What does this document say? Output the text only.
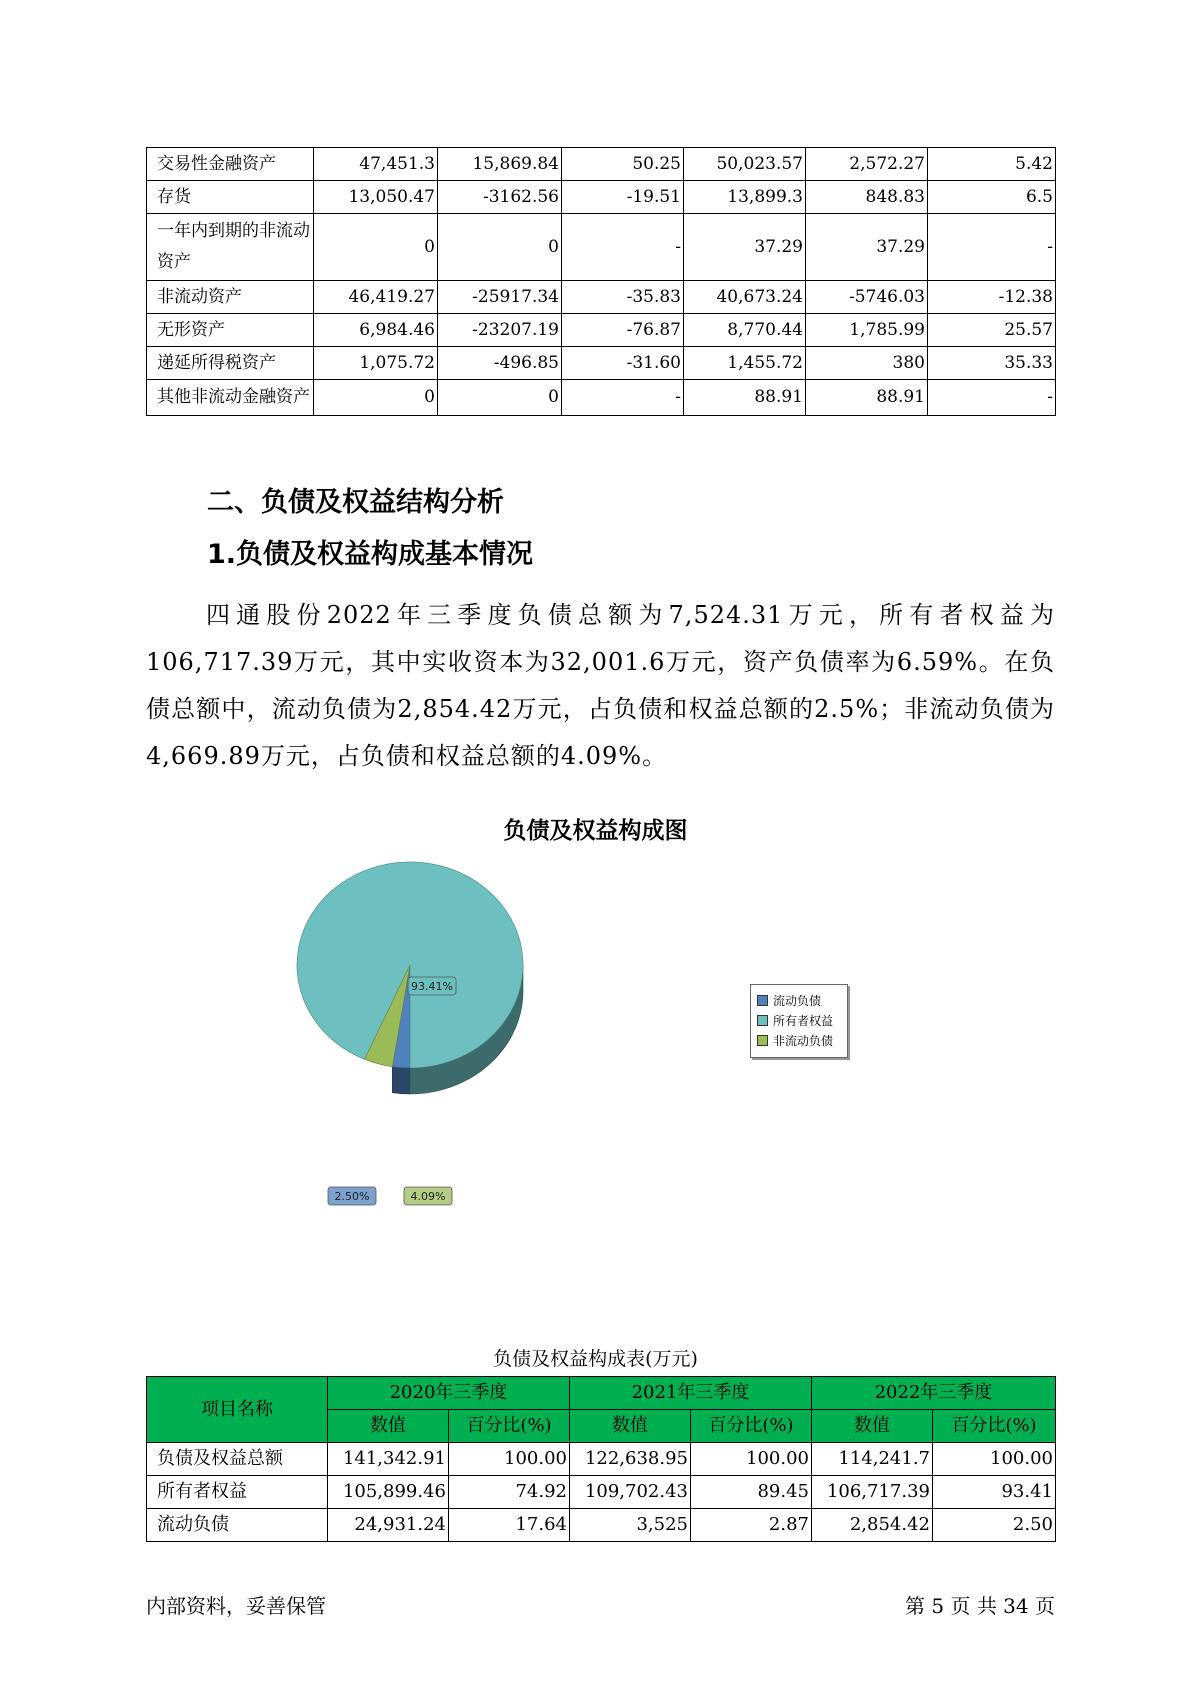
交易性金融资产	47,451.3	15,869.84	50.25	50,023.57	2,572.27	5.42
存货	13,050.47	-3162.56	-19.51	13,899.3	848.83	6.5
一年内到期的非流动资产	0	0	-	37.29	37.29	-
非流动资产	46,419.27	-25917.34	-35.83	40,673.24	-5746.03	-12.38
无形资产	6,984.46	-23207.19	-76.87	8,770.44	1,785.99	25.57
递延所得税资产	1,075.72	-496.85	-31.60	1,455.72	380	35.33
其他非流动金融资产	0	0	-	88.91	88.91	-
二、负债及权益结构分析
1.负债及权益构成基本情况

四通股份2022年三季度负债总额为7,524.31万元，所有者权益为106,717.39万元，其中实收资本为32,001.6万元，资产负债率为6.59%。在负债总额中，流动负债为2,854.42万元，占负债和权益总额的2.5%；非流动负债为4,669.89万元，占负债和权益总额的4.09%。

负债及权益构成图
2.50%
93.41%
4.09%
流动负债
所有者权益
非流动负债
负债及权益构成表(万元)
项目名称	2020年三季度		2021年三季度		2022年三季度	
	数值	百分比(%)	数值	百分比(%)	数值	百分比(%)
负债及权益总额	141,342.91	100.00	122,638.95	100.00	114,241.7	100.00
所有者权益	105,899.46	74.92	109,702.43	89.45	106,717.39	93.41
流动负债	24,931.24	17.64	3,525	2.87	2,854.42	2.50
内部资料，妥善保管	第 5 页 共 34 页
